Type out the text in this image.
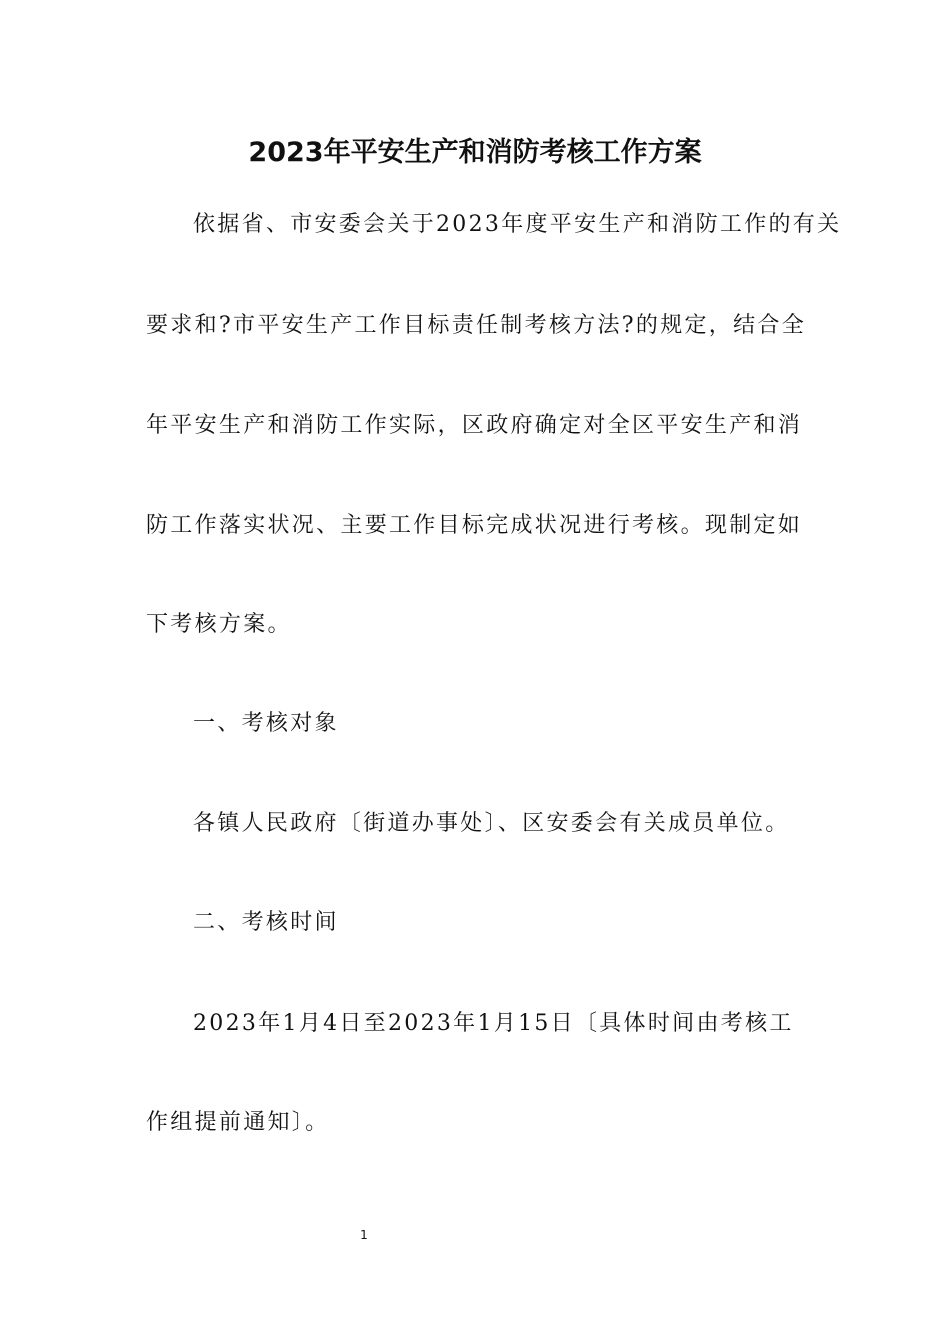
2023年平安生产和消防考核工作方案
依据省、市安委会关于2023年度平安生产和消防工作的有关
要求和?市平安生产工作目标责任制考核方法?的规定，结合全
年平安生产和消防工作实际，区政府确定对全区平安生产和消
防工作落实状况、主要工作目标完成状况进行考核。现制定如
下考核方案。
一、考核对象
各镇人民政府〔街道办事处〕、区安委会有关成员单位。
二、考核时间
2023年1月4日至2023年1月15日〔具体时间由考核工
作组提前通知〕。
1
